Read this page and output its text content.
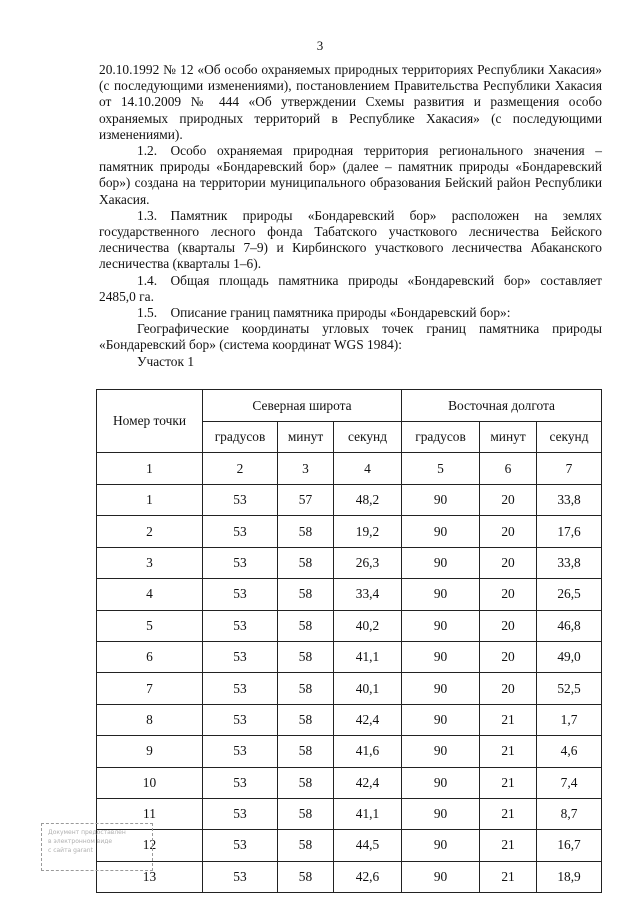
3

20.10.1992 № 12 «Об особо охраняемых природных территориях Республики Хакасия» (с последующими изменениями), постановлением Правительства Республики Хакасия от 14.10.2009 № 444 «Об утверждении Схемы развития и размещения особо охраняемых природных территорий в Республике Хакасия» (с последующими изменениями).

1.2. Особо охраняемая природная территория регионального значения – памятник природы «Бондаревский бор» (далее – памятник природы «Бондаревский бор») создана на территории муниципального образования Бейский район Республики Хакасия.

1.3. Памятник природы «Бондаревский бор» расположен на землях государственного лесного фонда Табатского участкового лесничества Бейского лесничества (кварталы 7–9) и Кирбинского участкового лесничества Абаканского лесничества (кварталы 1–6).

1.4. Общая площадь памятника природы «Бондаревский бор» составляет 2485,0 га.

1.5. Описание границ памятника природы «Бондаревский бор»:

Географические координаты угловых точек границ памятника природы «Бондаревский бор» (система координат WGS 1984):

Участок 1

Номер точки	Северная широта			Восточная долгота		
	градусов	минут	секунд	градусов	минут	секунд
1	2	3	4	5	6	7
1	53	57	48,2	90	20	33,8
2	53	58	19,2	90	20	17,6
3	53	58	26,3	90	20	33,8
4	53	58	33,4	90	20	26,5
5	53	58	40,2	90	20	46,8
6	53	58	41,1	90	20	49,0
7	53	58	40,1	90	20	52,5
8	53	58	42,4	90	21	1,7
9	53	58	41,6	90	21	4,6
10	53	58	42,4	90	21	7,4
11	53	58	41,1	90	21	8,7
12	53	58	44,5	90	21	16,7
13	53	58	42,6	90	21	18,9
Документ предоставлен
в электронном виде
с сайта garant
